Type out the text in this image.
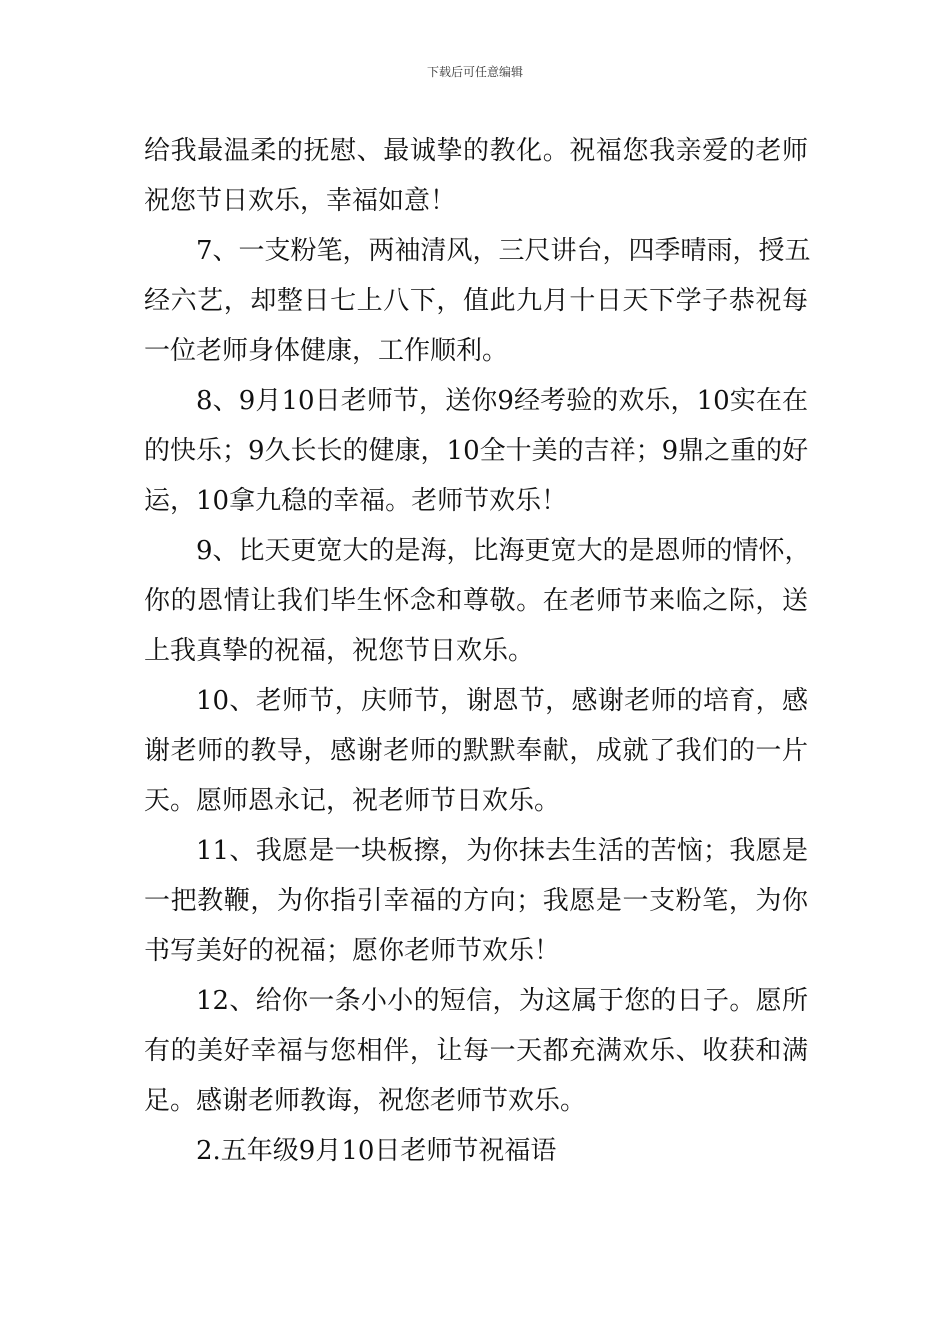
下载后可任意编辑
给我最温柔的抚慰、最诚挚的教化。祝福您我亲爱的老师
祝您节日欢乐，幸福如意！
7、一支粉笔，两袖清风，三尺讲台，四季晴雨，授五
经六艺，却整日七上八下，值此九月十日天下学子恭祝每
一位老师身体健康，工作顺利。
8、9月10日老师节，送你9经考验的欢乐，10实在在
的快乐；9久长长的健康，10全十美的吉祥；9鼎之重的好
运，10拿九稳的幸福。老师节欢乐！
9、比天更宽大的是海，比海更宽大的是恩师的情怀，
你的恩情让我们毕生怀念和尊敬。在老师节来临之际，送
上我真挚的祝福，祝您节日欢乐。
10、老师节，庆师节，谢恩节，感谢老师的培育，感
谢老师的教导，感谢老师的默默奉献，成就了我们的一片
天。愿师恩永记，祝老师节日欢乐。
11、我愿是一块板擦，为你抹去生活的苦恼；我愿是
一把教鞭，为你指引幸福的方向；我愿是一支粉笔，为你
书写美好的祝福；愿你老师节欢乐！
12、给你一条小小的短信，为这属于您的日子。愿所
有的美好幸福与您相伴，让每一天都充满欢乐、收获和满
足。感谢老师教诲，祝您老师节欢乐。
2.五年级9月10日老师节祝福语
